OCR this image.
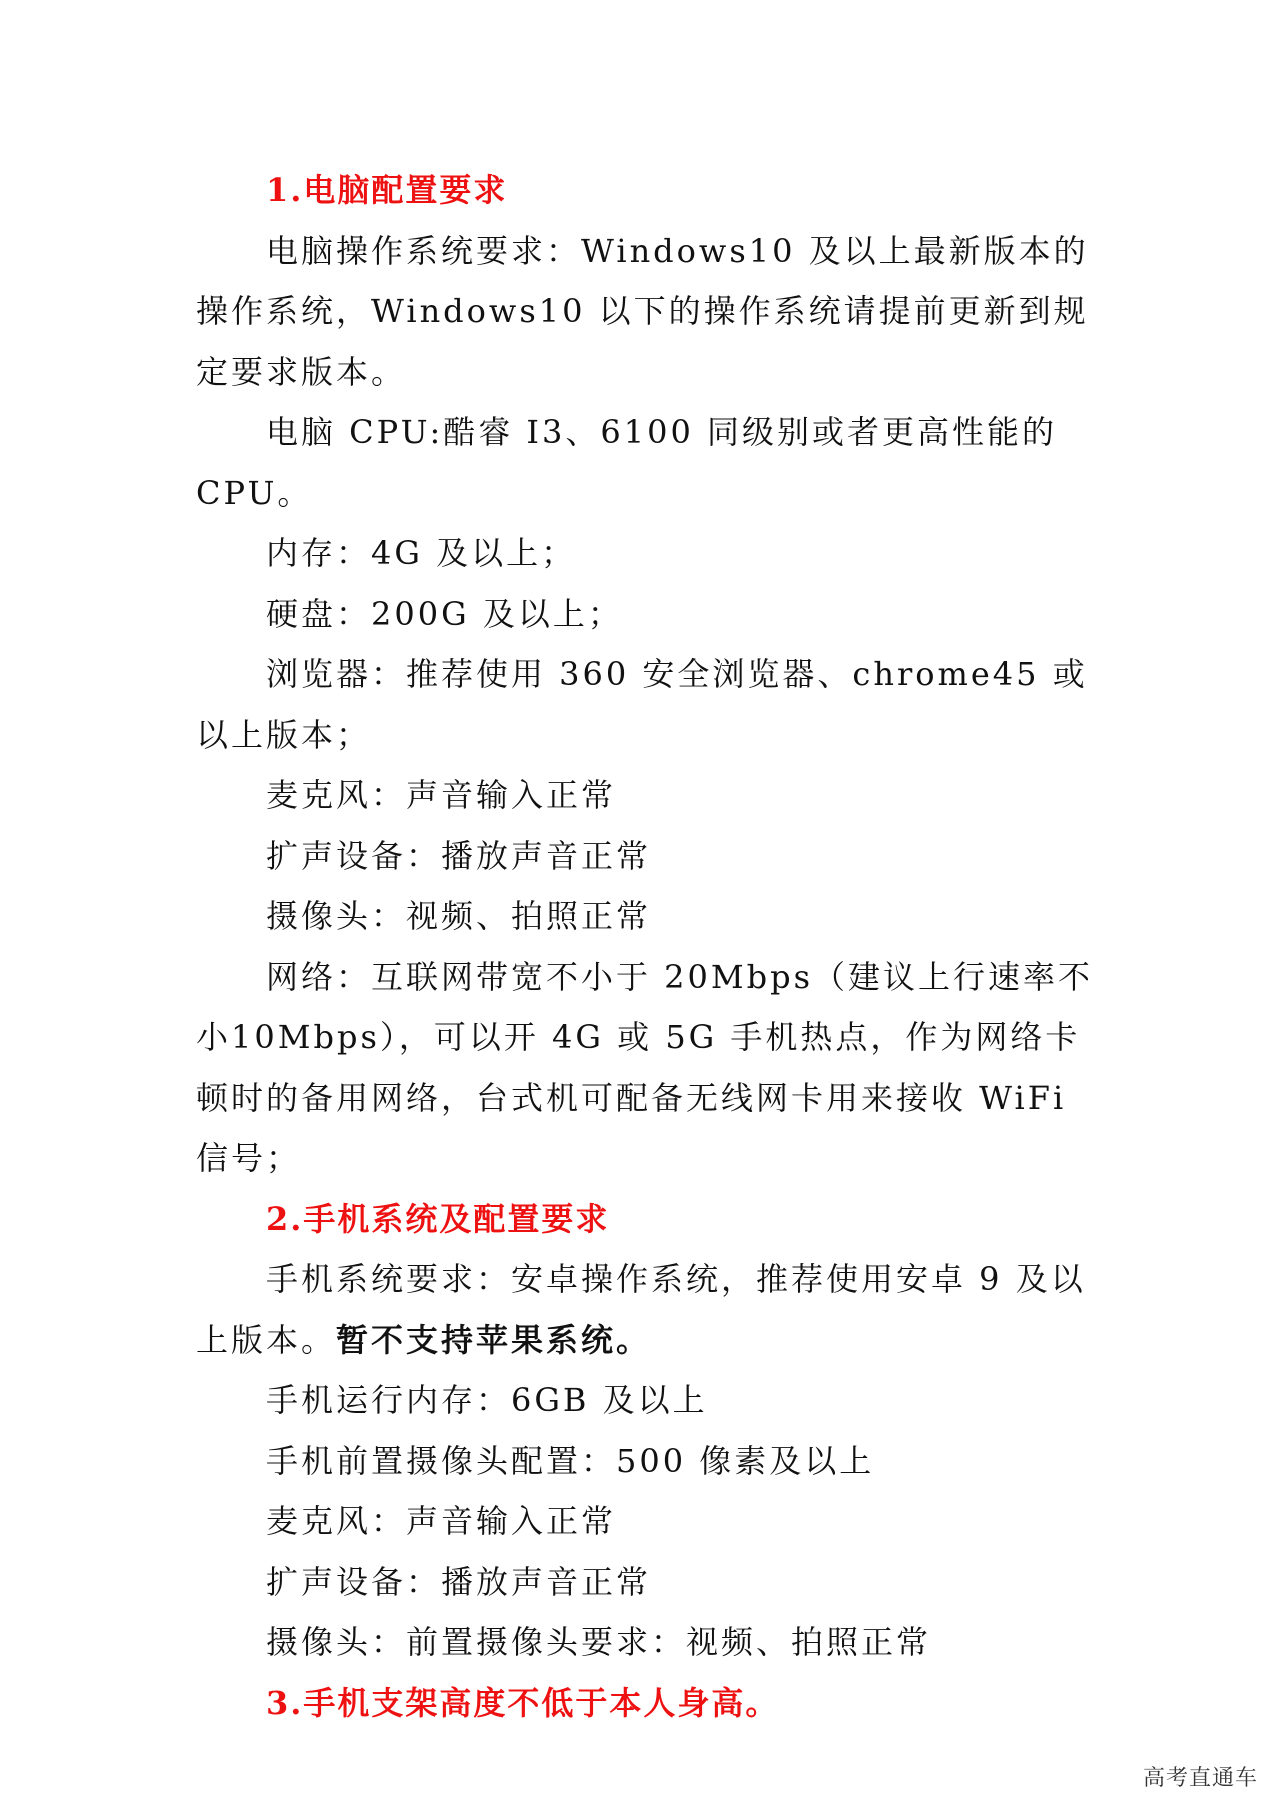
1.电脑配置要求

电脑操作系统要求：Windows10 及以上最新版本的操作系统，Windows10 以下的操作系统请提前更新到规定要求版本。

电脑 CPU:酷睿 I3、6100 同级别或者更高性能的 CPU。

内存：4G 及以上；

硬盘：200G 及以上；

浏览器：推荐使用 360 安全浏览器、chrome45 或以上版本；

麦克风：声音输入正常

扩声设备：播放声音正常

摄像头：视频、拍照正常

网络：互联网带宽不小于 20Mbps（建议上行速率不小10Mbps），可以开 4G 或 5G 手机热点，作为网络卡顿时的备用网络，台式机可配备无线网卡用来接收 WiFi 信号；

2.手机系统及配置要求

手机系统要求：安卓操作系统，推荐使用安卓 9 及以上版本。暂不支持苹果系统。

手机运行内存：6GB 及以上

手机前置摄像头配置：500 像素及以上

麦克风：声音输入正常

扩声设备：播放声音正常

摄像头：前置摄像头要求：视频、拍照正常

3.手机支架高度不低于本人身高。

高考直通车
